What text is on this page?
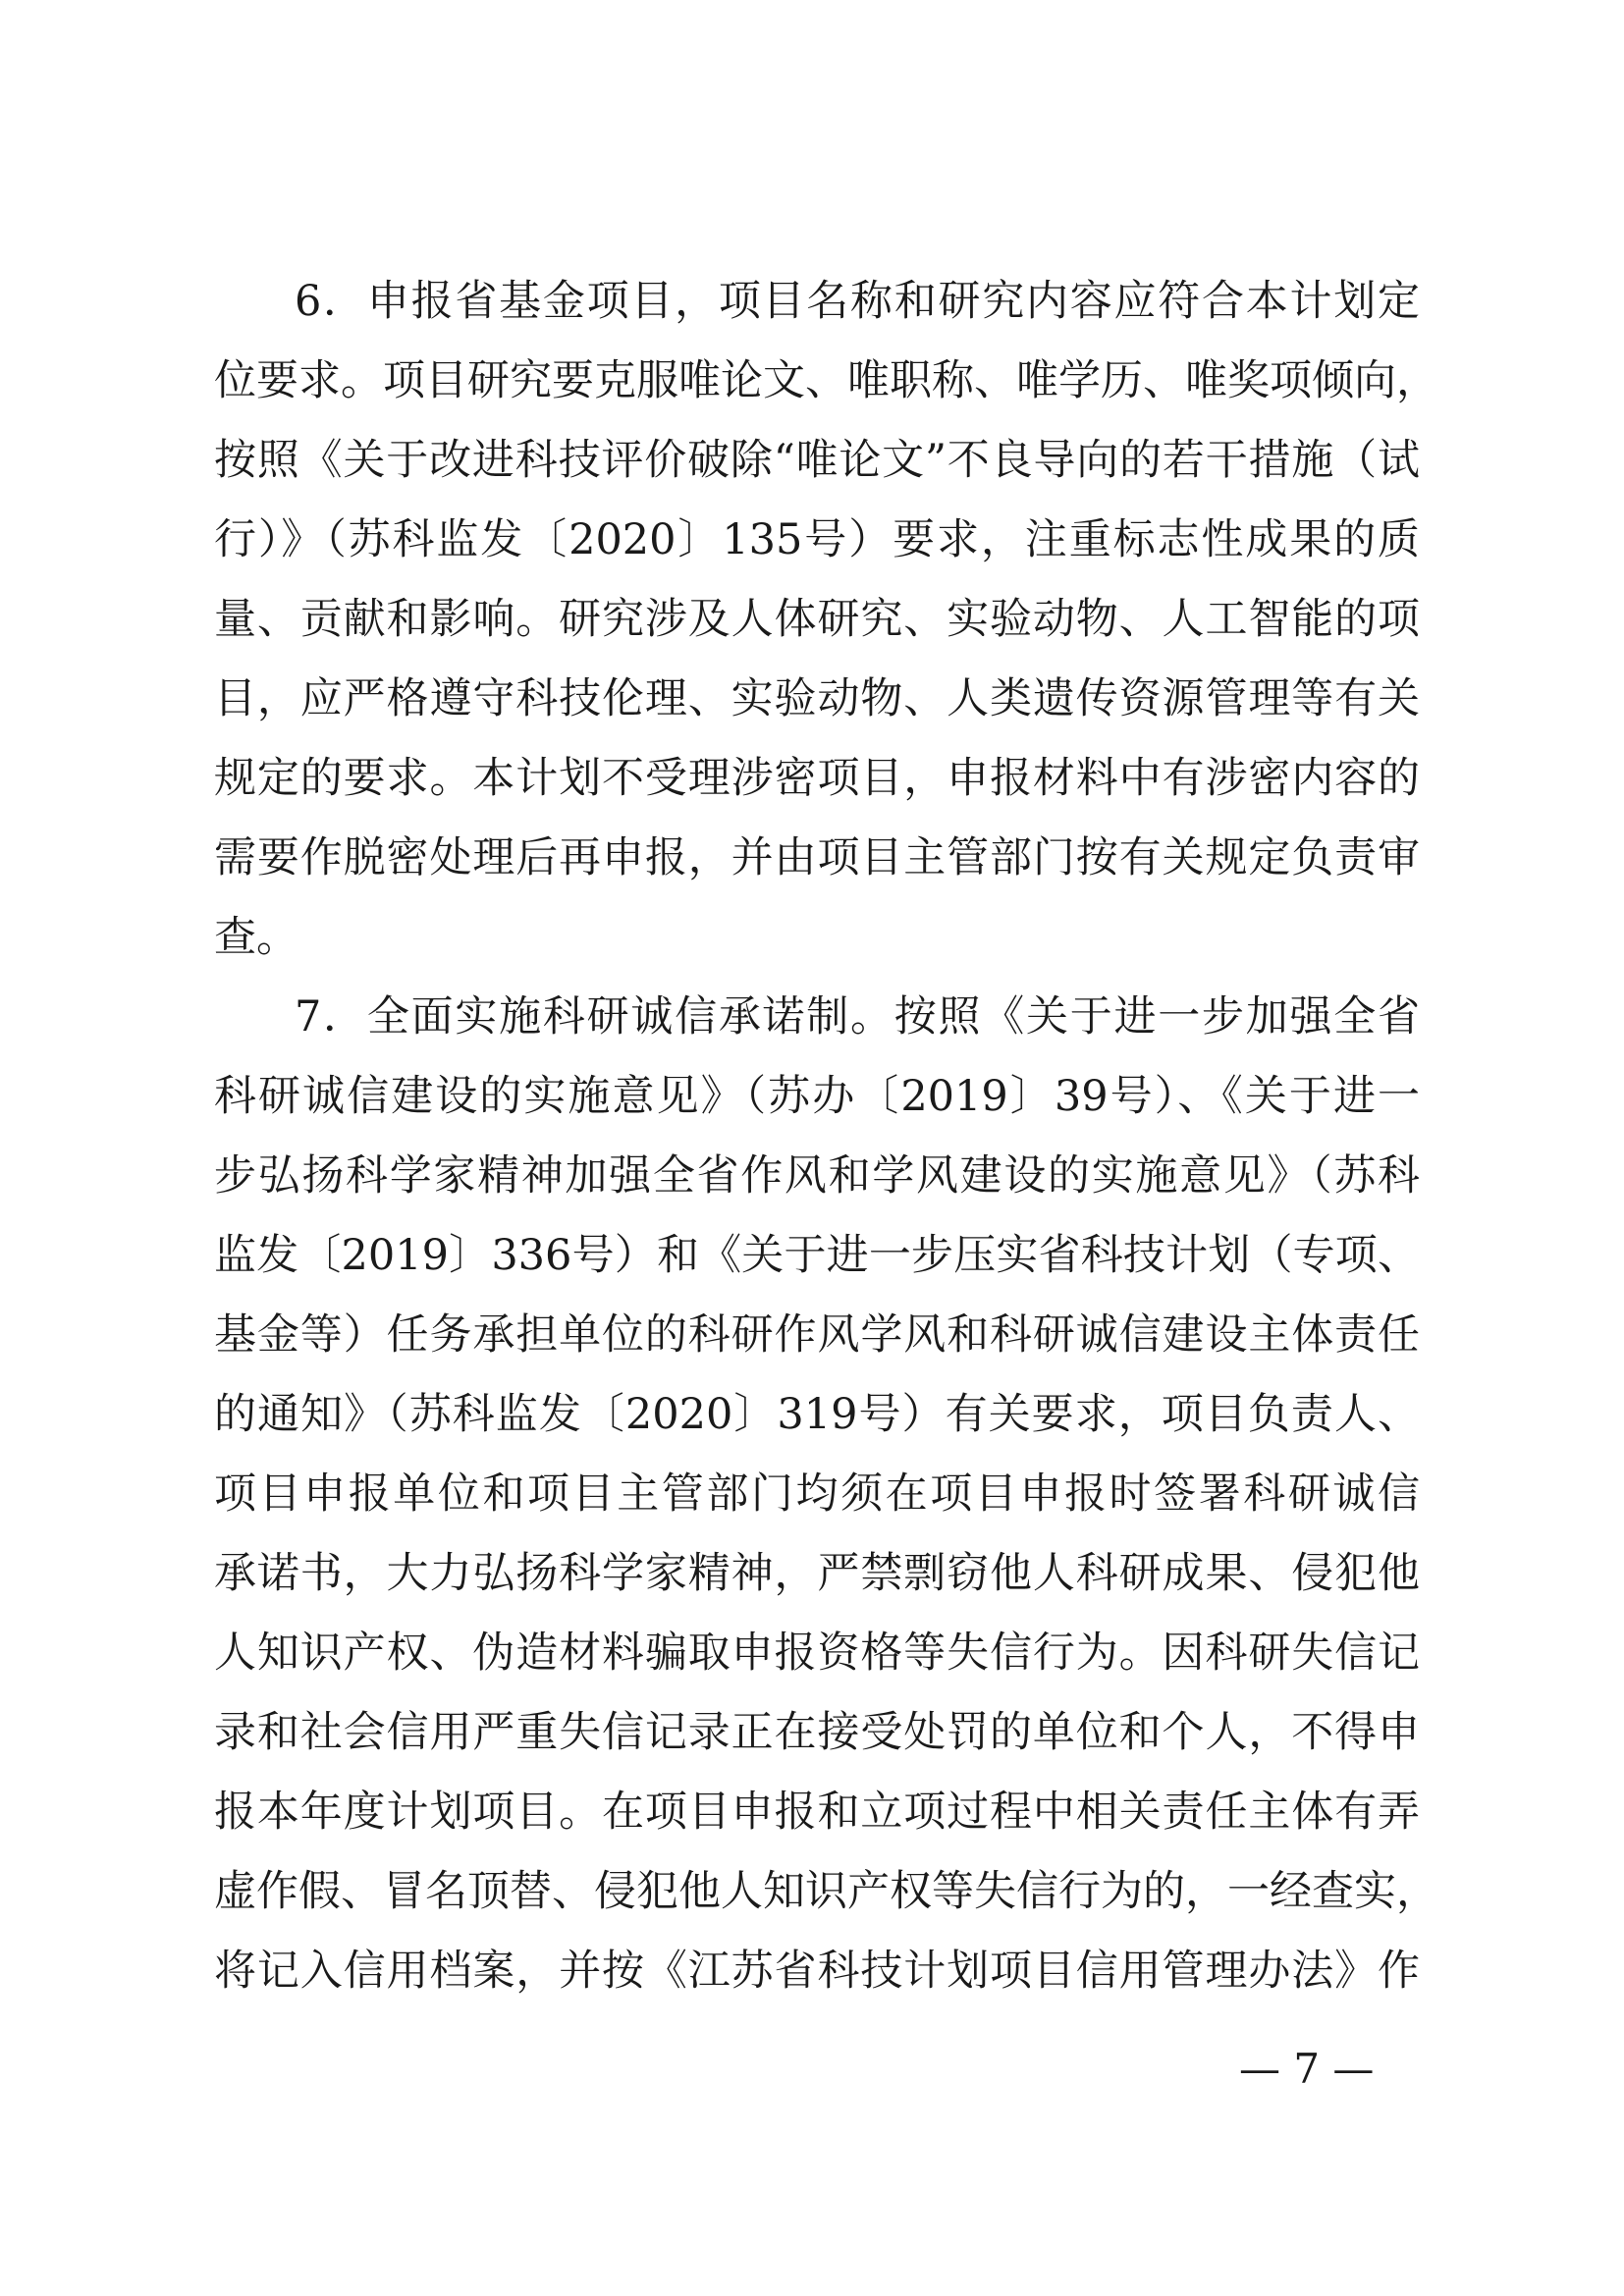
6．申报省基金项目，项目名称和研究内容应符合本计划定
位要求。项目研究要克服唯论文、唯职称、唯学历、唯奖项倾向，
按照《关于改进科技评价破除“唯论文”不良导向的若干措施（试
行）》（苏科监发〔2020〕135号）要求，注重标志性成果的质
量、贡献和影响。研究涉及人体研究、实验动物、人工智能的项
目，应严格遵守科技伦理、实验动物、人类遗传资源管理等有关
规定的要求。本计划不受理涉密项目，申报材料中有涉密内容的
需要作脱密处理后再申报，并由项目主管部门按有关规定负责审
查。
7．全面实施科研诚信承诺制。按照《关于进一步加强全省
科研诚信建设的实施意见》（苏办〔2019〕39号）、《关于进一
步弘扬科学家精神加强全省作风和学风建设的实施意见》（苏科
监发〔2019〕336号）和《关于进一步压实省科技计划（专项、
基金等）任务承担单位的科研作风学风和科研诚信建设主体责任
的通知》（苏科监发〔2020〕319号）有关要求，项目负责人、
项目申报单位和项目主管部门均须在项目申报时签署科研诚信
承诺书，大力弘扬科学家精神，严禁剽窃他人科研成果、侵犯他
人知识产权、伪造材料骗取申报资格等失信行为。因科研失信记
录和社会信用严重失信记录正在接受处罚的单位和个人，不得申
报本年度计划项目。在项目申报和立项过程中相关责任主体有弄
虚作假、冒名顶替、侵犯他人知识产权等失信行为的，一经查实，
将记入信用档案，并按《江苏省科技计划项目信用管理办法》作
— 7 —
